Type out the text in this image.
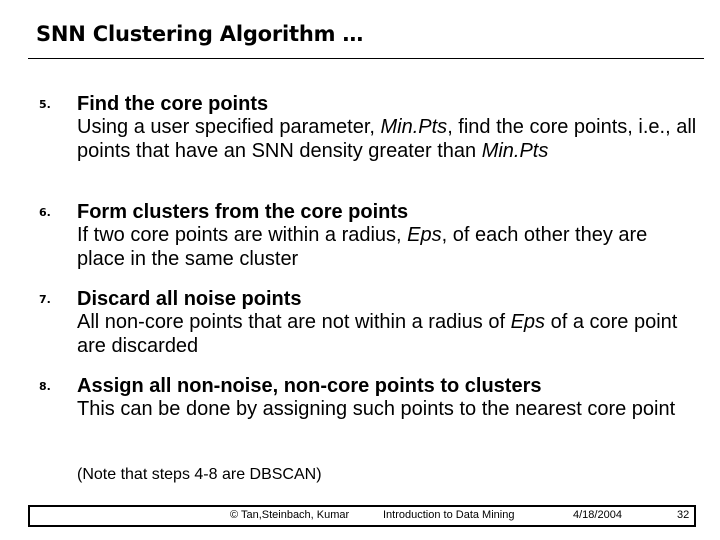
SNN Clustering Algorithm …
5. Find the core points
Using a user specified parameter, Min.Pts, find the core points, i.e., all points that have an SNN density greater than Min.Pts
6. Form clusters from the core points
If two core points are within a radius, Eps, of each other they are place in the same cluster
7. Discard all noise points
All non-core points that are not within a radius of Eps of a core point are discarded
8. Assign all non-noise, non-core points to clusters
This can be done by assigning such points to the nearest core point
(Note that steps 4-8 are DBSCAN)
© Tan,Steinbach, Kumar	Introduction to Data Mining	4/18/2004	32
